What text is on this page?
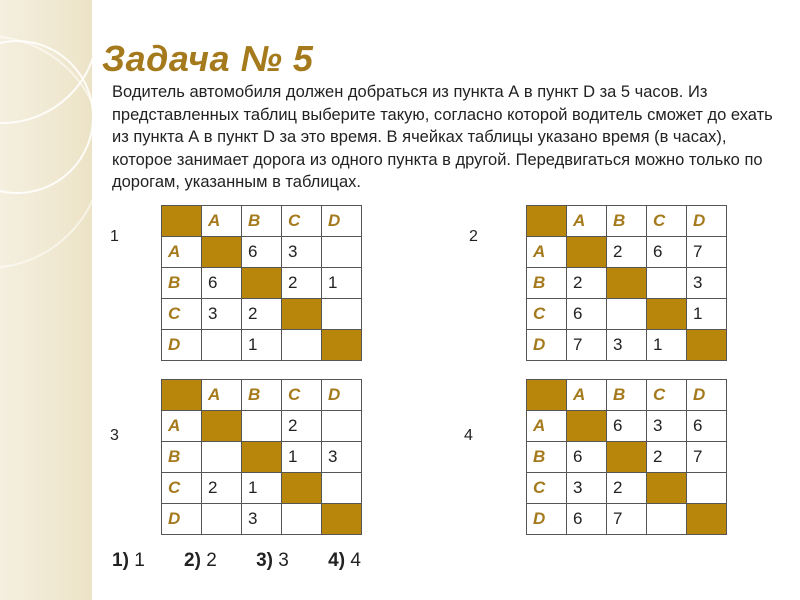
Задача № 5
Водитель автомобиля должен добраться из пункта А в пункт D за 5 часов. Из представленных таблиц выберите такую, согласно которой водитель сможет до ехать из пункта А в пункт D за это время. В ячейках таблицы указано время (в часах), которое занимает дорога из одного пункта в другой. Передвигаться можно только по дорогам, указанным в таблицах.
1
	A	B	C	D
A		6	3	
B	6		2	1
C	3	2		
D		1		
2
	A	B	C	D
A		2	6	7
B	2			3
C	6			1
D	7	3	1	
3
	A	B	C	D
A			2	
B			1	3
C	2	1		
D		3		
4
	A	B	C	D
A		6	3	6
B	6		2	7
C	3	2		
D	6	7		
1) 1 2) 2 3) 3 4) 4
